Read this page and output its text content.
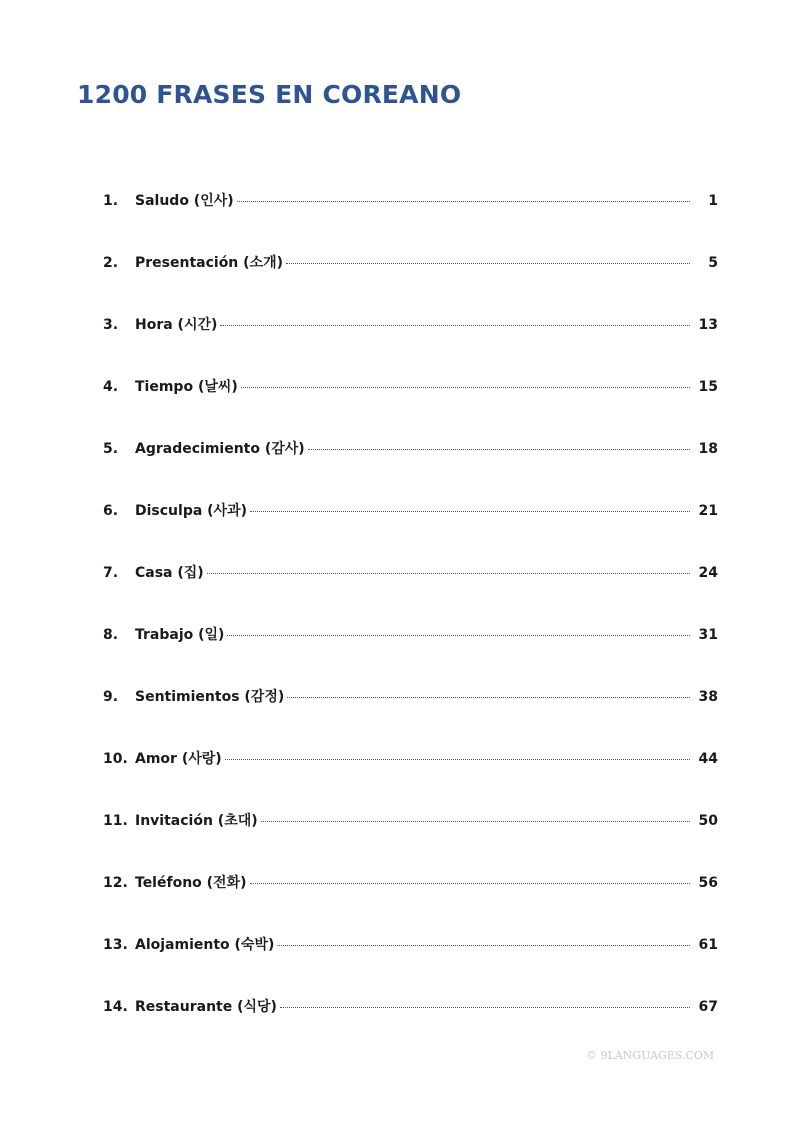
1200 FRASES EN COREANO
1.	Saludo (인사)	1
2.	Presentación (소개)	5
3.	Hora (시간)	13
4.	Tiempo (날씨)	15
5.	Agradecimiento (감사)	18
6.	Disculpa (사과)	21
7.	Casa (집)	24
8.	Trabajo (일)	31
9.	Sentimientos (감정)	38
10. Amor (사랑)	44
11. Invitación (초대)	50
12. Teléfono (전화)	56
13. Alojamiento (숙박)	61
14. Restaurante (식당)	67
© 9LANGUAGES.COM
